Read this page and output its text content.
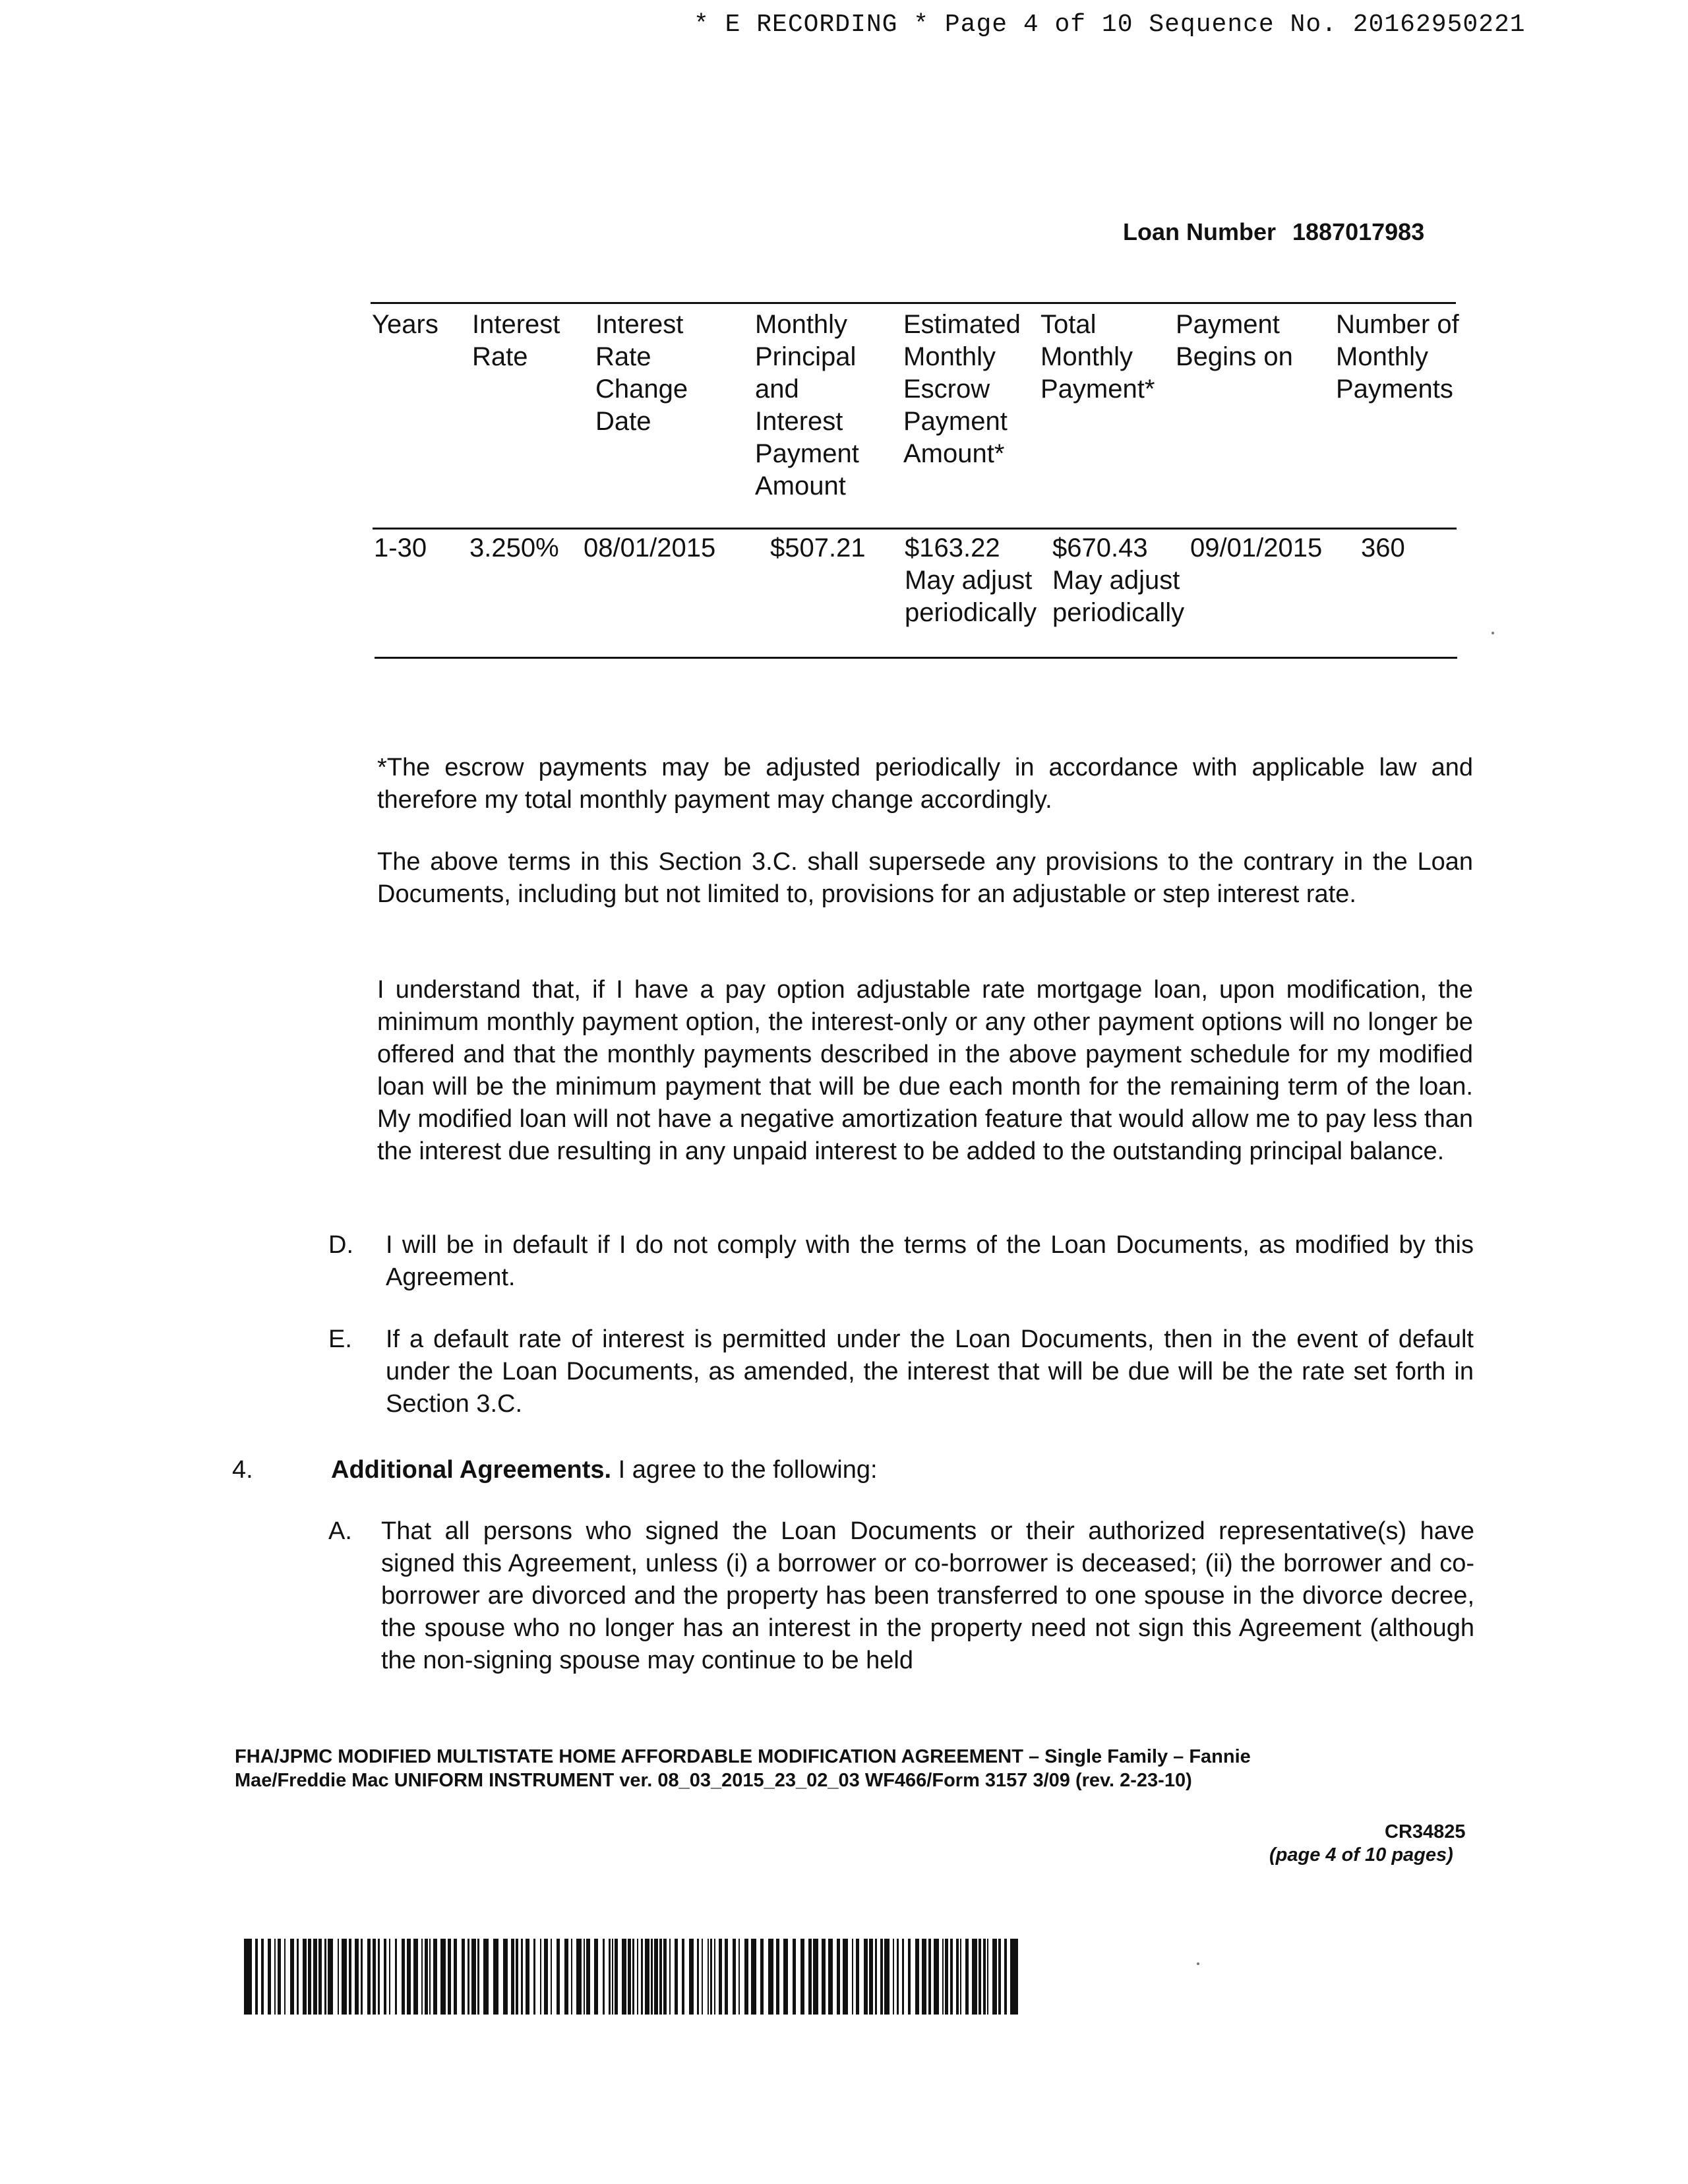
* E RECORDING * Page 4 of 10 Sequence No. 20162950221
Loan Number 1887017983
Years Interest
Rate
Interest
Rate
Change
Date
Monthly
Principal
and
Interest
Payment
Amount
Estimated
Monthly
Escrow
Payment
Amount*
Total
Monthly
Payment*
Payment
Begins on
Number of
Monthly
Payments
1-30 3.250% 08/01/2015 $507.21 $163.22
May adjust
periodically
$670.43
May adjust
periodically
09/01/2015 360
*The escrow payments may be adjusted periodically in accordance with applicable law and therefore my total monthly payment may change accordingly.
The above terms in this Section 3.C. shall supersede any provisions to the contrary in the Loan Documents, including but not limited to, provisions for an adjustable or step interest rate.
I understand that, if I have a pay option adjustable rate mortgage loan, upon modification, the minimum monthly payment option, the interest-only or any other payment options will no longer be offered and that the monthly payments described in the above payment schedule for my modified loan will be the minimum payment that will be due each month for the remaining term of the loan. My modified loan will not have a negative amortization feature that would allow me to pay less than the interest due resulting in any unpaid interest to be added to the outstanding principal balance.
D. I will be in default if I do not comply with the terms of the Loan Documents, as modified by this Agreement.
E. If a default rate of interest is permitted under the Loan Documents, then in the event of default under the Loan Documents, as amended, the interest that will be due will be the rate set forth in Section 3.C.
4.	Additional Agreements. I agree to the following:
A. That all persons who signed the Loan Documents or their authorized representative(s) have signed this Agreement, unless (i) a borrower or co-borrower is deceased; (ii) the borrower and co-borrower are divorced and the property has been transferred to one spouse in the divorce decree, the spouse who no longer has an interest in the property need not sign this Agreement (although the non-signing spouse may continue to be held
FHA/JPMC MODIFIED MULTISTATE HOME AFFORDABLE MODIFICATION AGREEMENT – Single Family – Fannie
Mae/Freddie Mac UNIFORM INSTRUMENT ver. 08_03_2015_23_02_03 WF466/Form 3157 3/09 (rev. 2-23-10)
CR34825
(page 4 of 10 pages)
